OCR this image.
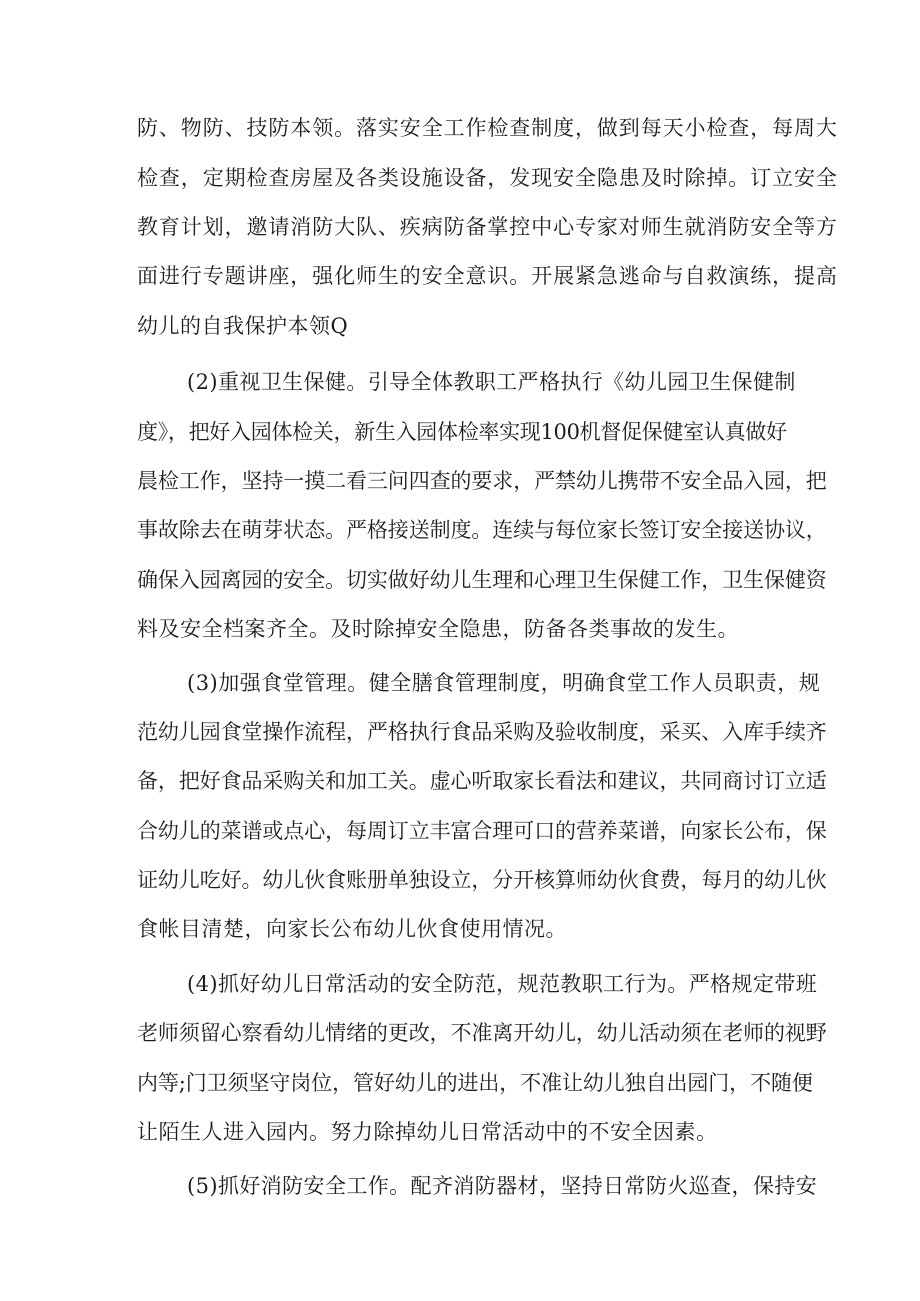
防、物防、技防本领。落实安全工作检查制度，做到每天小检查，每周大
检查，定期检查房屋及各类设施设备，发现安全隐患及时除掉。订立安全
教育计划，邀请消防大队、疾病防备掌控中心专家对师生就消防安全等方
面进行专题讲座，强化师生的安全意识。开展紧急逃命与自救演练，提高
幼儿的自我保护本领Q
(2)重视卫生保健。引导全体教职工严格执行《幼儿园卫生保健制
度》，把好入园体检关，新生入园体检率实现100机督促保健室认真做好
晨检工作，坚持一摸二看三问四查的要求，严禁幼儿携带不安全品入园，把
事故除去在萌芽状态。严格接送制度。连续与每位家长签订安全接送协议，
确保入园离园的安全。切实做好幼儿生理和心理卫生保健工作，卫生保健资
料及安全档案齐全。及时除掉安全隐患，防备各类事故的发生。
(3)加强食堂管理。健全膳食管理制度，明确食堂工作人员职责，规
范幼儿园食堂操作流程，严格执行食品采购及验收制度，采买、入库手续齐
备，把好食品采购关和加工关。虚心听取家长看法和建议，共同商讨订立适
合幼儿的菜谱或点心，每周订立丰富合理可口的营养菜谱，向家长公布，保
证幼儿吃好。幼儿伙食账册单独设立，分开核算师幼伙食费，每月的幼儿伙
食帐目清楚，向家长公布幼儿伙食使用情况。
(4)抓好幼儿日常活动的安全防范，规范教职工行为。严格规定带班
老师须留心察看幼儿情绪的更改，不准离开幼儿，幼儿活动须在老师的视野
内等;门卫须坚守岗位，管好幼儿的进出，不准让幼儿独自出园门，不随便
让陌生人进入园内。努力除掉幼儿日常活动中的不安全因素。
(5)抓好消防安全工作。配齐消防器材，坚持日常防火巡查，保持安
